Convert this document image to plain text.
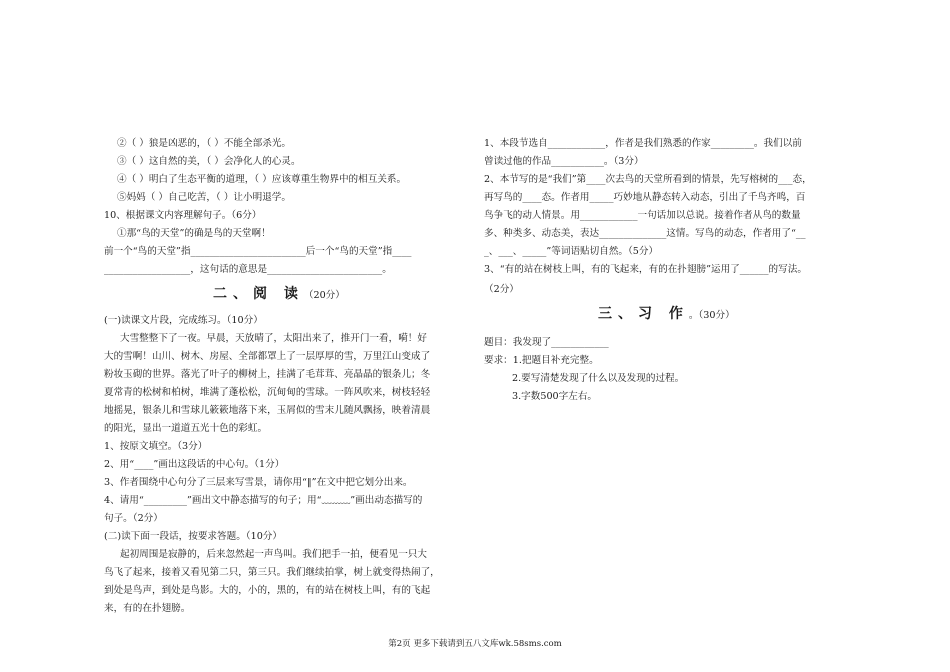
②（ ）狼是凶恶的，（ ）不能全部杀光。
③（ ）这自然的美，（ ）会净化人的心灵。
④（ ）明白了生态平衡的道理，（ ）应该尊重生物界中的相互关系。
⑤妈妈（ ）自己吃苦，（ ）让小明退学。
10、根据课文内容理解句子。（6分）
①那“鸟的天堂”的确是鸟的天堂啊！
前一个“鸟的天堂”指________________________后一个“鸟的天堂”指____
__________________，这句话的意思是________________________。
二、阅 读（20分）
(一)读课文片段，完成练习。（10分）
大雪整整下了一夜。早晨，天放晴了，太阳出来了，推开门一看，嗬！好
大的雪啊！山川、树木、房屋、全部都罩上了一层厚厚的雪，万里江山变成了
粉妆玉砌的世界。落光了叶子的柳树上，挂满了毛茸茸、亮晶晶的银条儿；冬
夏常青的松树和柏树，堆满了蓬松松，沉甸甸的雪球。一阵风吹来，树枝轻轻
地摇晃，银条儿和雪球儿簌簌地落下来，玉屑似的雪末儿随风飘扬，映着清晨
的阳光，显出一道道五光十色的彩虹。
1、按原文填空。（3分）
2、用“____”画出这段话的中心句。（1分）
3、作者围绕中心句分了三层来写雪景，请你用“‖”在文中把它划分出来。
4、请用“_________”画出文中静态描写的句子；用“﹏﹏﹏”画出动态描写的
句子。（2分）
(二)读下面一段话，按要求答题。（10分）
起初周围是寂静的，后来忽然起一声鸟叫。我们把手一拍，便看见一只大
鸟飞了起来，接着又看见第二只，第三只。我们继续拍掌，树上就变得热闹了，
到处是鸟声，到处是鸟影。大的，小的，黑的，有的站在树枝上叫，有的飞起
来，有的在扑翅膀。
1、本段节选自____________，作者是我们熟悉的作家_________。我们以前
曾读过他的作品___________。（3分）
2、本节写的是“我们”第____次去鸟的天堂所看到的情景，先写榕树的___态，
再写鸟的____态。作者用_____巧妙地从静态转入动态，引出了千鸟齐鸣，百
鸟争飞的动人情景。用____________一句话加以总说。接着作者从鸟的数量
多、种类多、动态美，表达______________这情。写鸟的动态，作者用了“__
_、___、_____”等词语贴切自然。（5分）
3、“有的站在树枝上叫，有的飞起来，有的在扑翅膀”运用了______的写法。
（2分）
三、习 作。（30分）
题目：我发现了____________
要求：1.把题目补充完整。
2.要写清楚发现了什么以及发现的过程。
3.字数500字左右。
第2页 更多下载请到五八文库wk.58sms.com
